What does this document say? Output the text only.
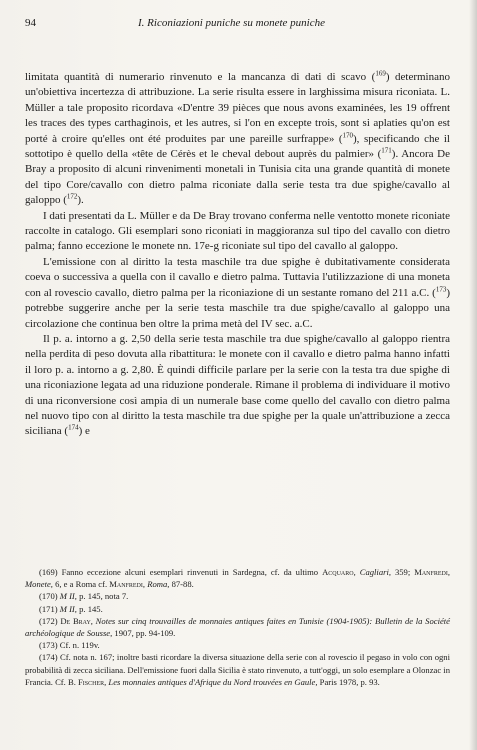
94	I. Riconiazioni puniche su monete puniche

limitata quantità di numerario rinvenuto e la mancanza di dati di scavo ($^{169}$) determinano un'obiettiva incertezza di attribuzione. La serie risulta essere in larghissima misura riconiata. L. Müller a tale proposito ricordava «D'entre 39 pièces que nous avons examinées, les 19 offrent les traces des types carthaginois, et les autres, si l'on en excepte trois, sont si aplaties qu'on est porté à croire qu'elles ont été produites par une pareille surfrappe» ($^{170}$), specificando che il sottotipo è quello della «tête de Cérès et le cheval debout auprès du palmier» ($^{171}$). Ancora De Bray a proposito di alcuni rinvenimenti monetali in Tunisia cita una grande quantità di monete del tipo Core/cavallo con dietro palma riconiate dalla serie testa tra due spighe/cavallo al galoppo ($^{172}$).

I dati presentati da L. Müller e da De Bray trovano conferma nelle ventotto monete riconiate raccolte in catalogo. Gli esemplari sono riconiati in maggioranza sul tipo del cavallo con dietro palma; fanno eccezione le monete nn. 17e-g riconiate sul tipo del cavallo al galoppo.

L'emissione con al diritto la testa maschile tra due spighe è dubitativamente considerata coeva o successiva a quella con il cavallo e dietro palma. Tuttavia l'utilizzazione di una moneta con al rovescio cavallo, dietro palma per la riconiazione di un sestante romano del 211 a.C. ($^{173}$) potrebbe suggerire anche per la serie testa maschile tra due spighe/cavallo al galoppo una circolazione che continua ben oltre la prima metà del IV sec. a.C.

Il p. a. intorno a g. 2,50 della serie testa maschile tra due spighe/cavallo al galoppo rientra nella perdita di peso dovuta alla ribattitura: le monete con il cavallo e dietro palma hanno infatti il loro p. a. intorno a g. 2,80. È quindi difficile parlare per la serie con la testa tra due spighe di una riconiazione legata ad una riduzione ponderale. Rimane il problema di individuare il motivo di una riconversione così ampia di un numerale base come quello del cavallo con dietro palma nel nuovo tipo con al diritto la testa maschile tra due spighe per la quale un'attribuzione a zecca siciliana ($^{174}$) e

(169) Fanno eccezione alcuni esemplari rinvenuti in Sardegna, cf. da ultimo Acquaro, Cagliari, 359; Manfredi, Monete, 6, e a Roma cf. Manfredi, Roma, 87-88.

(170) M II, p. 145, nota 7.

(171) M II, p. 145.

(172) De Bray, Notes sur cinq trouvailles de monnaies antiques faites en Tunisie (1904-1905): Bulletin de la Société archéologique de Sousse, 1907, pp. 94-109.

(173) Cf. n. 119v.

(174) Cf. nota n. 167; inoltre basti ricordare la diversa situazione della serie con al rovescio il pegaso in volo con ogni probabilità di zecca siciliana. Dell'emissione fuori dalla Sicilia è stato rinvenuto, a tutt'oggi, un solo esemplare a Olonzac in Francia. Cf. B. Fischer, Les monnaies antiques d'Afrique du Nord trouvées en Gaule, Paris 1978, p. 93.
